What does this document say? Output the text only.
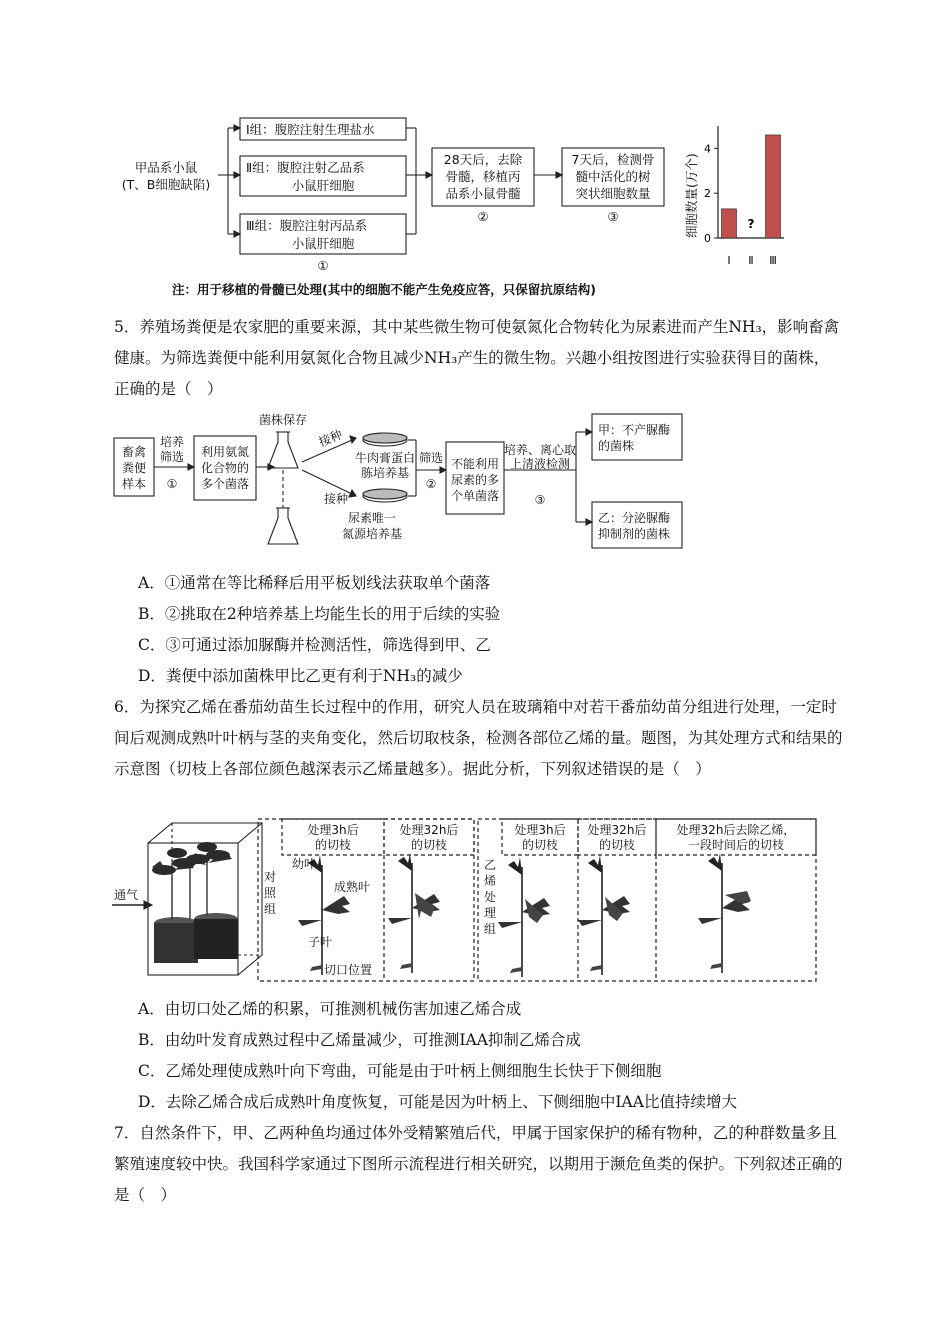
甲品系小鼠
(T、B细胞缺陷)
Ⅰ组：腹腔注射生理盐水
Ⅱ组：腹腔注射乙品系
小鼠肝细胞
Ⅲ组：腹腔注射丙品系
小鼠肝细胞
①
28天后，去除
骨髓，移植丙
品系小鼠骨髓
②
7天后，检测骨
髓中活化的树
突状细胞数量
③	细胞数量(万个)
0
2
4
Ⅰ
?
Ⅱ Ⅲ
注：用于移植的骨髓已处理(其中的细胞不能产生免疫应答，只保留抗原结构)
5．养殖场粪便是农家肥的重要来源，其中某些微生物可使氨氮化合物转化为尿素进而产生NH₃，影响畜禽健康。为筛选粪便中能利用氨氮化合物且减少NH₃产生的微生物。兴趣小组按图进行实验获得目的菌株，正确的是（　）
畜禽
粪便
样本
培养
筛选
①
利用氨氮
化合物的
多个菌落
菌株保存
接种
接种
牛肉膏蛋白
胨培养基
尿素唯一
氮源培养基
筛选
②
不能利用
尿素的多
个单菌落
培养、离心取
上清液检测
③
甲：不产脲酶
的菌株
乙：分泌脲酶
抑制剂的菌株
A．①通常在等比稀释后用平板划线法获取单个菌落
B．②挑取在2种培养基上均能生长的用于后续的实验
C．③可通过添加脲酶并检测活性，筛选得到甲、乙
D．粪便中添加菌株甲比乙更有利于NH₃的减少
6．为探究乙烯在番茄幼苗生长过程中的作用，研究人员在玻璃箱中对若干番茄幼苗分组进行处理，一定时间后观测成熟叶叶柄与茎的夹角变化，然后切取枝条，检测各部位乙烯的量。题图，为其处理方式和结果的示意图（切枝上各部位颜色越深表示乙烯量越多）。据此分析，下列叙述错误的是（　）
通气
对
照
组
乙
烯
处
理
组
处理3h后
的切枝
处理32h后
的切枝
处理3h后
的切枝
处理32h后
的切枝
处理32h后去除乙烯，
一段时间后的切枝
幼叶
成熟叶
子叶
切口位置
A．由切口处乙烯的积累，可推测机械伤害加速乙烯合成
B．由幼叶发育成熟过程中乙烯量减少，可推测IAA抑制乙烯合成
C．乙烯处理使成熟叶向下弯曲，可能是由于叶柄上侧细胞生长快于下侧细胞
D．去除乙烯合成后成熟叶角度恢复，可能是因为叶柄上、下侧细胞中IAA比值持续增大
7．自然条件下，甲、乙两种鱼均通过体外受精繁殖后代，甲属于国家保护的稀有物种，乙的种群数量多且繁殖速度较中快。我国科学家通过下图所示流程进行相关研究，以期用于濒危鱼类的保护。下列叙述正确的是（　）
